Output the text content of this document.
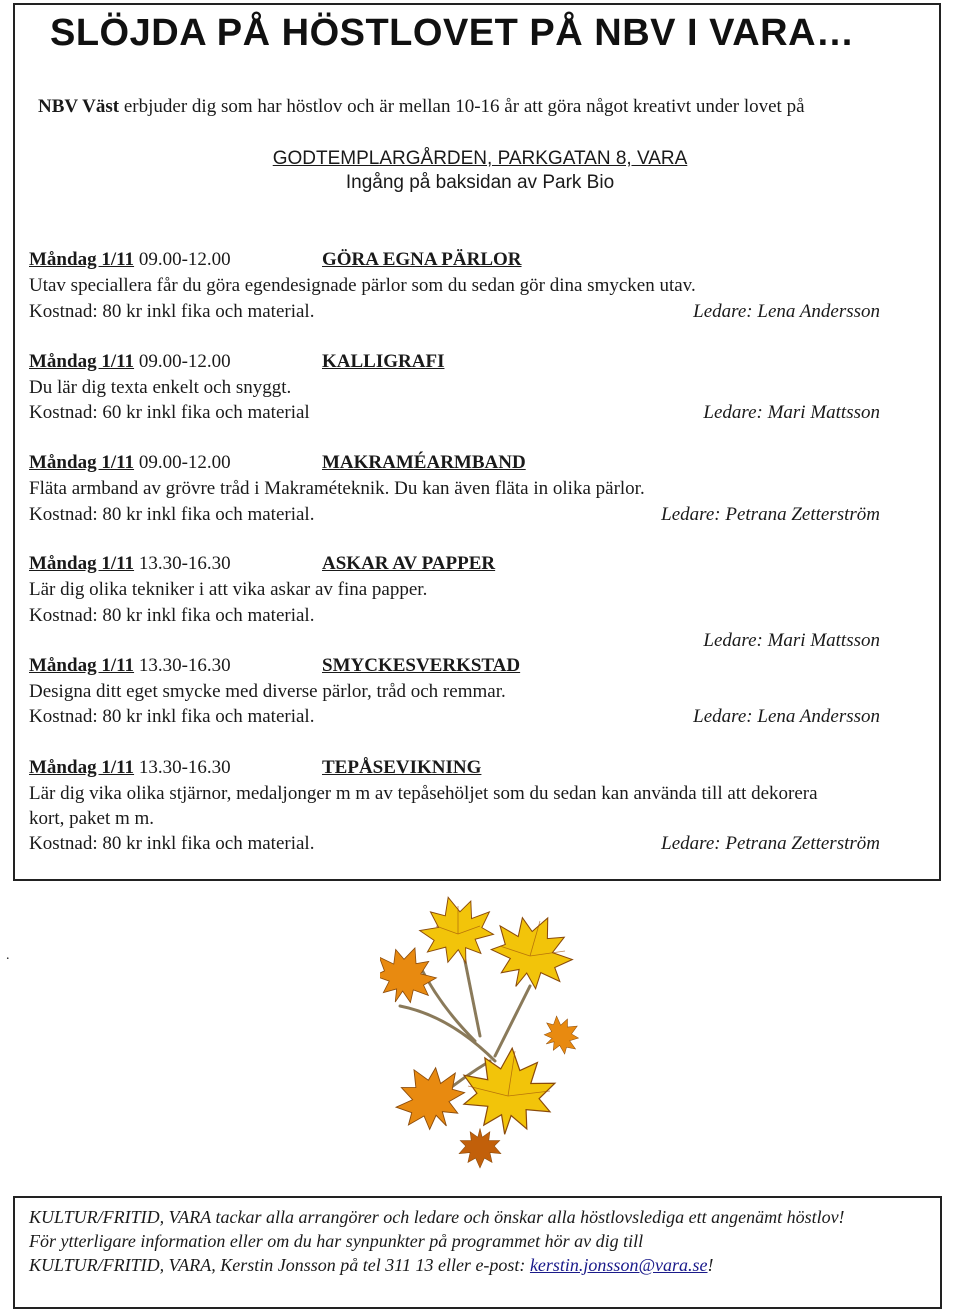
SLÖJDA PÅ HÖSTLOVET PÅ NBV I VARA…
NBV Väst erbjuder dig som har höstlov och är mellan 10-16 år att göra något kreativt under lovet på
GODTEMPLARGÅRDEN, PARKGATAN 8, VARA
Ingång på baksidan av Park Bio
Måndag 1/11 09.00-12.00	GÖRA EGNA PÄRLOR
Utav speciallera får du göra egendesignade pärlor som du sedan gör dina smycken utav.
Kostnad: 80 kr inkl fika och material.	Ledare: Lena Andersson
Måndag 1/11 09.00-12.00	KALLIGRAFI
Du lär dig texta enkelt och snyggt.
Kostnad: 60 kr inkl fika och material	Ledare: Mari Mattsson
Måndag 1/11 09.00-12.00	MAKRAMÉARMBAND
Fläta armband av grövre tråd i Makraméteknik. Du kan även fläta in olika pärlor.
Kostnad: 80 kr inkl fika och material.	Ledare: Petrana Zetterström
Måndag 1/11 13.30-16.30	ASKAR AV PAPPER
Lär dig olika tekniker i att vika askar av fina papper.
Kostnad: 80 kr inkl fika och material.
Ledare: Mari Mattsson
Måndag 1/11 13.30-16.30	SMYCKESVERKSTAD
Designa ditt eget smycke med diverse pärlor, tråd och remmar.
Kostnad: 80 kr inkl fika och material.	Ledare: Lena Andersson
Måndag 1/11 13.30-16.30	TEPÅSEVIKNING
Lär dig vika olika stjärnor, medaljonger m m av tepåsehöljet som du sedan kan använda till att dekorera
kort, paket m m.
Kostnad: 80 kr inkl fika och material.	Ledare: Petrana Zetterström
.
KULTUR/FRITID, VARA tackar alla arrangörer och ledare och önskar alla höstlovslediga ett angenämt höstlov!
För ytterligare information eller om du har synpunkter på programmet hör av dig till
KULTUR/FRITID, VARA, Kerstin Jonsson på tel 311 13 eller e-post: kerstin.jonsson@vara.se!
